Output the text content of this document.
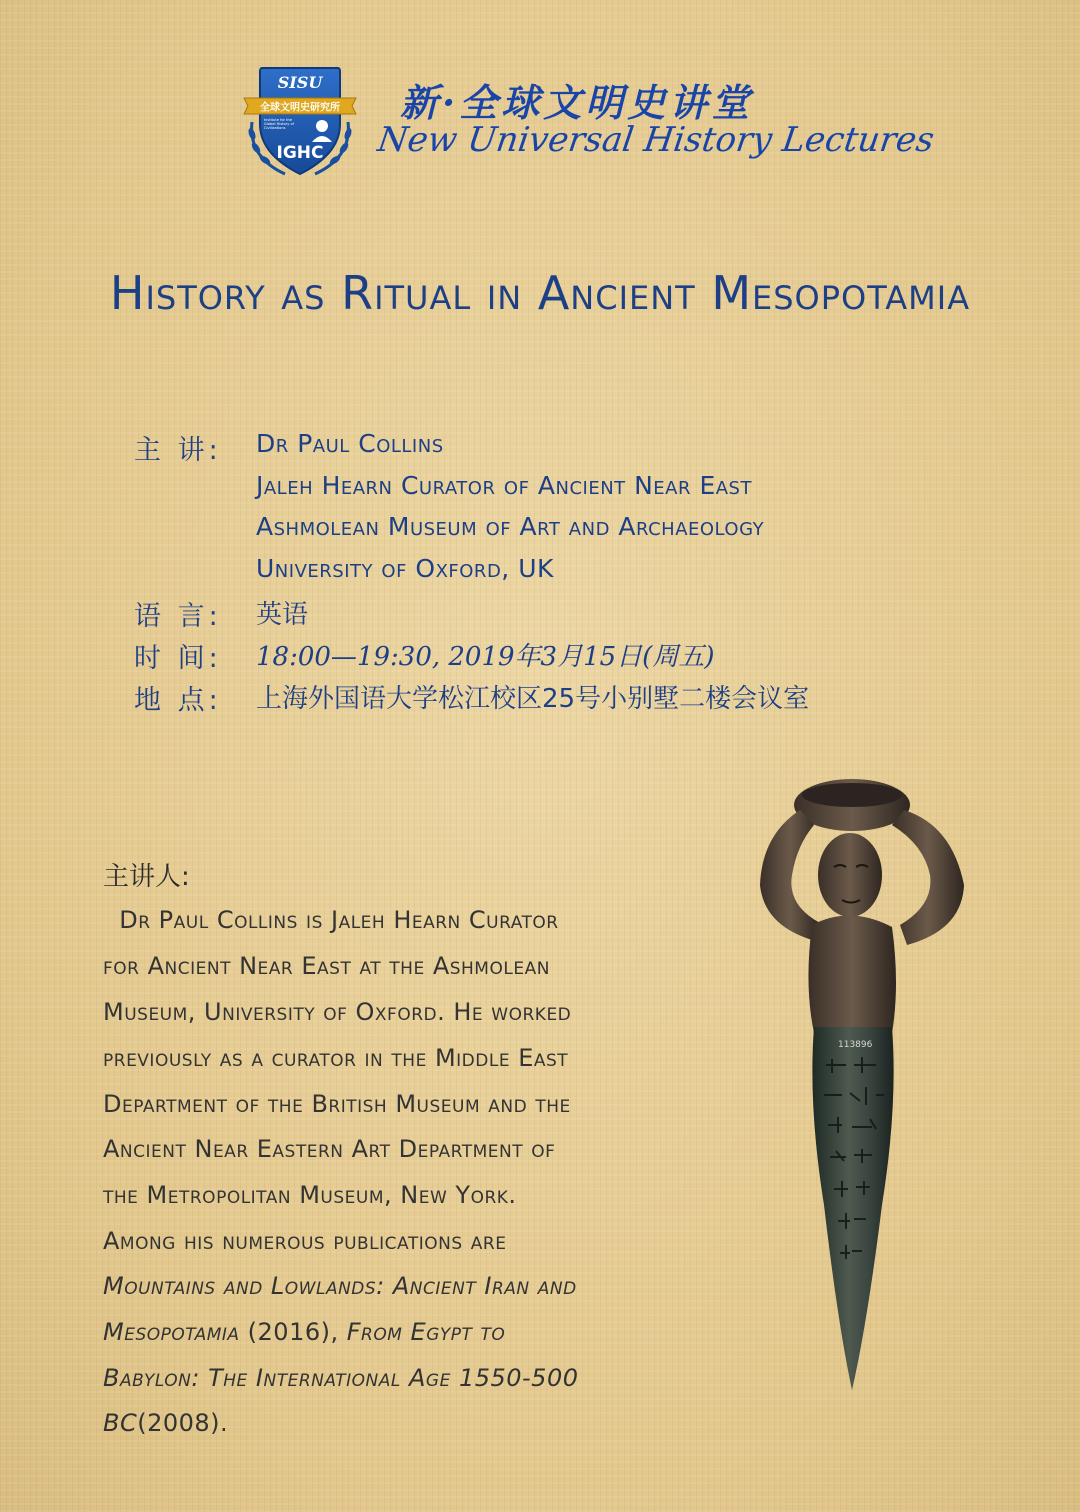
SISU
全球文明史研究所
Institute for the Global History of Civilizations
IGHC

新·全球文明史讲堂

New Universal History Lectures

History as Ritual in Ancient Mesopotamia

主 讲:	Dr Paul Collins

Jaleh Hearn Curator of Ancient Near East

Ashmolean Museum of Art and Archaeology

University of Oxford, UK

语 言:	英语

时 间:	18:00—19:30, 2019年3月15日(周五)

地 点:	上海外国语大学松江校区25号小别墅二楼会议室

主讲人:

Dr Paul Collins is Jaleh Hearn Curator

for Ancient Near East at the Ashmolean

Museum, University of Oxford. He worked

previously as a curator in the Middle East

Department of the British Museum and the

Ancient Near Eastern Art Department of

the Metropolitan Museum, New York.

Among his numerous publications are

Mountains and Lowlands: Ancient Iran and

Mesopotamia (2016), From Egypt to

Babylon: The International Age 1550-500

BC(2008).

113896
